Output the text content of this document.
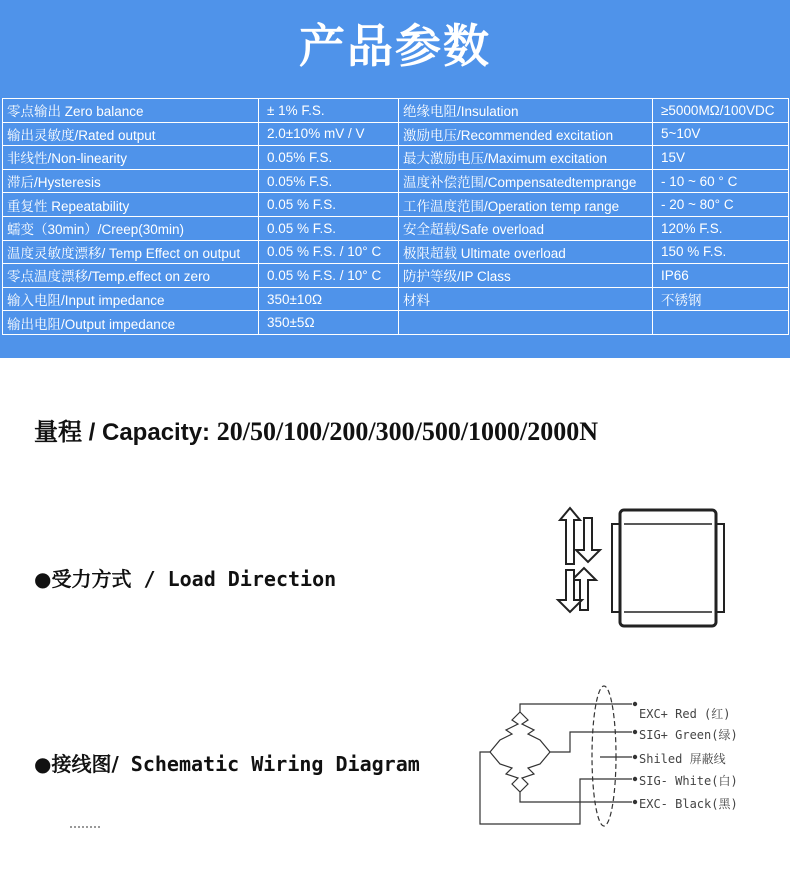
产品参数
零点输出 Zero balance	± 1% F.S.	绝缘电阻/Insulation	≥5000MΩ/100VDC
输出灵敏度/Rated output	2.0±10% mV / V	激励电压/Recommended excitation	5~10V
非线性/Non-linearity	0.05% F.S.	最大激励电压/Maximum excitation	15V
滞后/Hysteresis	0.05% F.S.	温度补偿范围/Compensatedtemprange	- 10 ~ 60 ° C
重复性 Repeatability	0.05 % F.S.	工作温度范围/Operation temp range	- 20 ~ 80° C
蠕变（30min）/Creep(30min)	0.05 % F.S.	安全超载/Safe overload	120% F.S.
温度灵敏度漂移/ Temp Effect on output	0.05 % F.S. / 10° C	极限超载 Ultimate overload	150 % F.S.
零点温度漂移/Temp.effect on zero	0.05 % F.S. / 10° C	防护等级/IP Class	IP66
输入电阻/Input impedance	350±10Ω	材料	不锈钢
输出电阻/Output impedance	350±5Ω		
量程 / Capacity: 20/50/100/200/300/500/1000/2000N
●受力方式 / Load Direction
●接线图/ Schematic Wiring Diagram
EXC+ Red (红)
SIG+ Green(绿)
Shiled 屏蔽线
SIG- White(白)
EXC- Black(黑)
